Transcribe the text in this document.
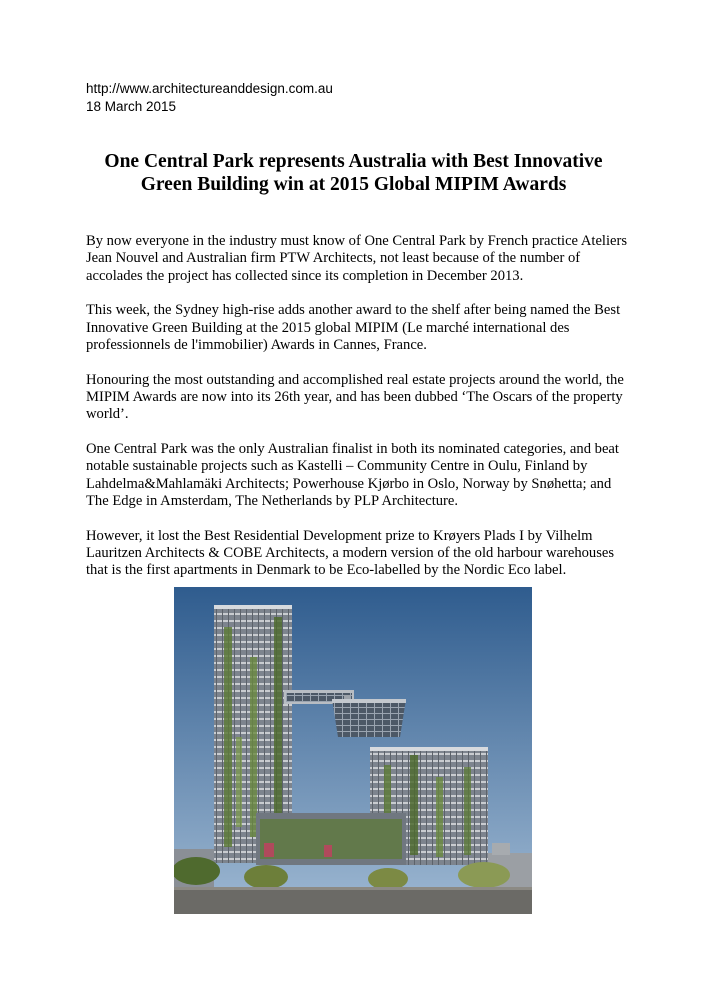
http://www.architectureanddesign.com.au
18 March 2015
One Central Park represents Australia with Best Innovative
Green Building win at 2015 Global MIPIM Awards

By now everyone in the industry must know of One Central Park by French practice Ateliers
Jean Nouvel and Australian firm PTW Architects, not least because of the number of
accolades the project has collected since its completion in December 2013.

This week, the Sydney high-rise adds another award to the shelf after being named the Best
Innovative Green Building at the 2015 global MIPIM (Le marché international des
professionnels de l'immobilier) Awards in Cannes, France.

Honouring the most outstanding and accomplished real estate projects around the world, the
MIPIM Awards are now into its 26th year, and has been dubbed ‘The Oscars of the property
world’.

One Central Park was the only Australian finalist in both its nominated categories, and beat
notable sustainable projects such as Kastelli – Community Centre in Oulu, Finland by
Lahdelma&Mahlamäki Architects; Powerhouse Kjørbo in Oslo, Norway by Snøhetta; and
The Edge in Amsterdam, The Netherlands by PLP Architecture.

However, it lost the Best Residential Development prize to Krøyers Plads I by Vilhelm
Lauritzen Architects & COBE Architects, a modern version of the old harbour warehouses
that is the first apartments in Denmark to be Eco-labelled by the Nordic Eco label.
